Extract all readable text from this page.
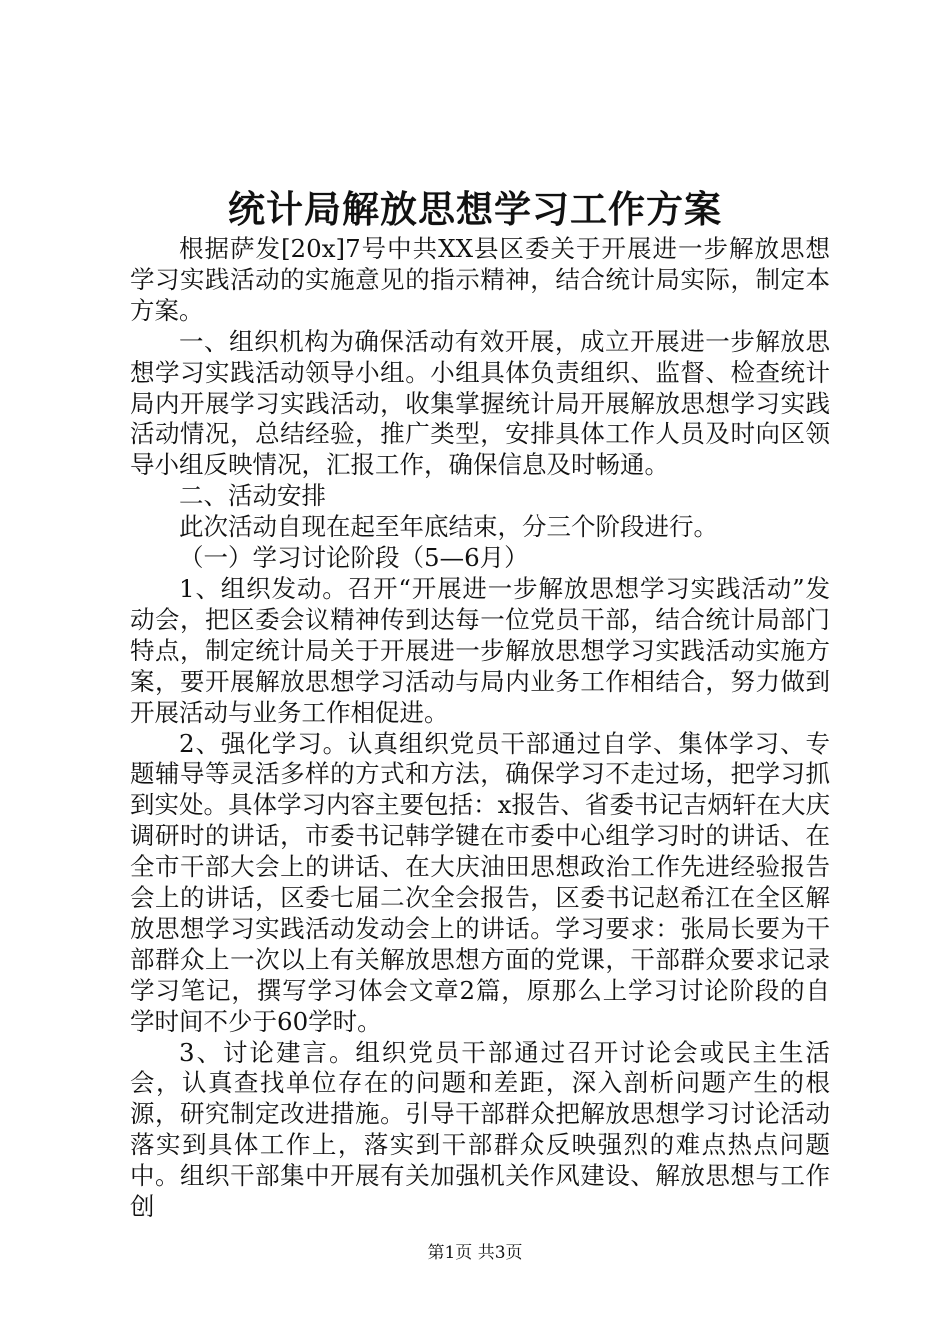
统计局解放思想学习工作方案

根据萨发[20x]7号中共XX县区委关于开展进一步解放思想学习实践活动的实施意见的指示精神，结合统计局实际，制定本方案。

一、组织机构为确保活动有效开展，成立开展进一步解放思想学习实践活动领导小组。小组具体负责组织、监督、检查统计局内开展学习实践活动，收集掌握统计局开展解放思想学习实践活动情况，总结经验，推广类型，安排具体工作人员及时向区领导小组反映情况，汇报工作，确保信息及时畅通。

二、活动安排

此次活动自现在起至年底结束，分三个阶段进行。

（一）学习讨论阶段（5—6月）

1、组织发动。召开“开展进一步解放思想学习实践活动”发动会，把区委会议精神传到达每一位党员干部，结合统计局部门特点，制定统计局关于开展进一步解放思想学习实践活动实施方案，要开展解放思想学习活动与局内业务工作相结合，努力做到开展活动与业务工作相促进。

2、强化学习。认真组织党员干部通过自学、集体学习、专题辅导等灵活多样的方式和方法，确保学习不走过场，把学习抓到实处。具体学习内容主要包括：x报告、省委书记吉炳轩在大庆调研时的讲话，市委书记韩学键在市委中心组学习时的讲话、在全市干部大会上的讲话、在大庆油田思想政治工作先进经验报告会上的讲话，区委七届二次全会报告，区委书记赵希江在全区解放思想学习实践活动发动会上的讲话。学习要求：张局长要为干部群众上一次以上有关解放思想方面的党课，干部群众要求记录学习笔记，撰写学习体会文章2篇，原那么上学习讨论阶段的自学时间不少于60学时。

3、讨论建言。组织党员干部通过召开讨论会或民主生活会，认真查找单位存在的问题和差距，深入剖析问题产生的根源，研究制定改进措施。引导干部群众把解放思想学习讨论活动落实到具体工作上，落实到干部群众反映强烈的难点热点问题中。组织干部集中开展有关加强机关作风建设、解放思想与工作创

第1页 共3页
